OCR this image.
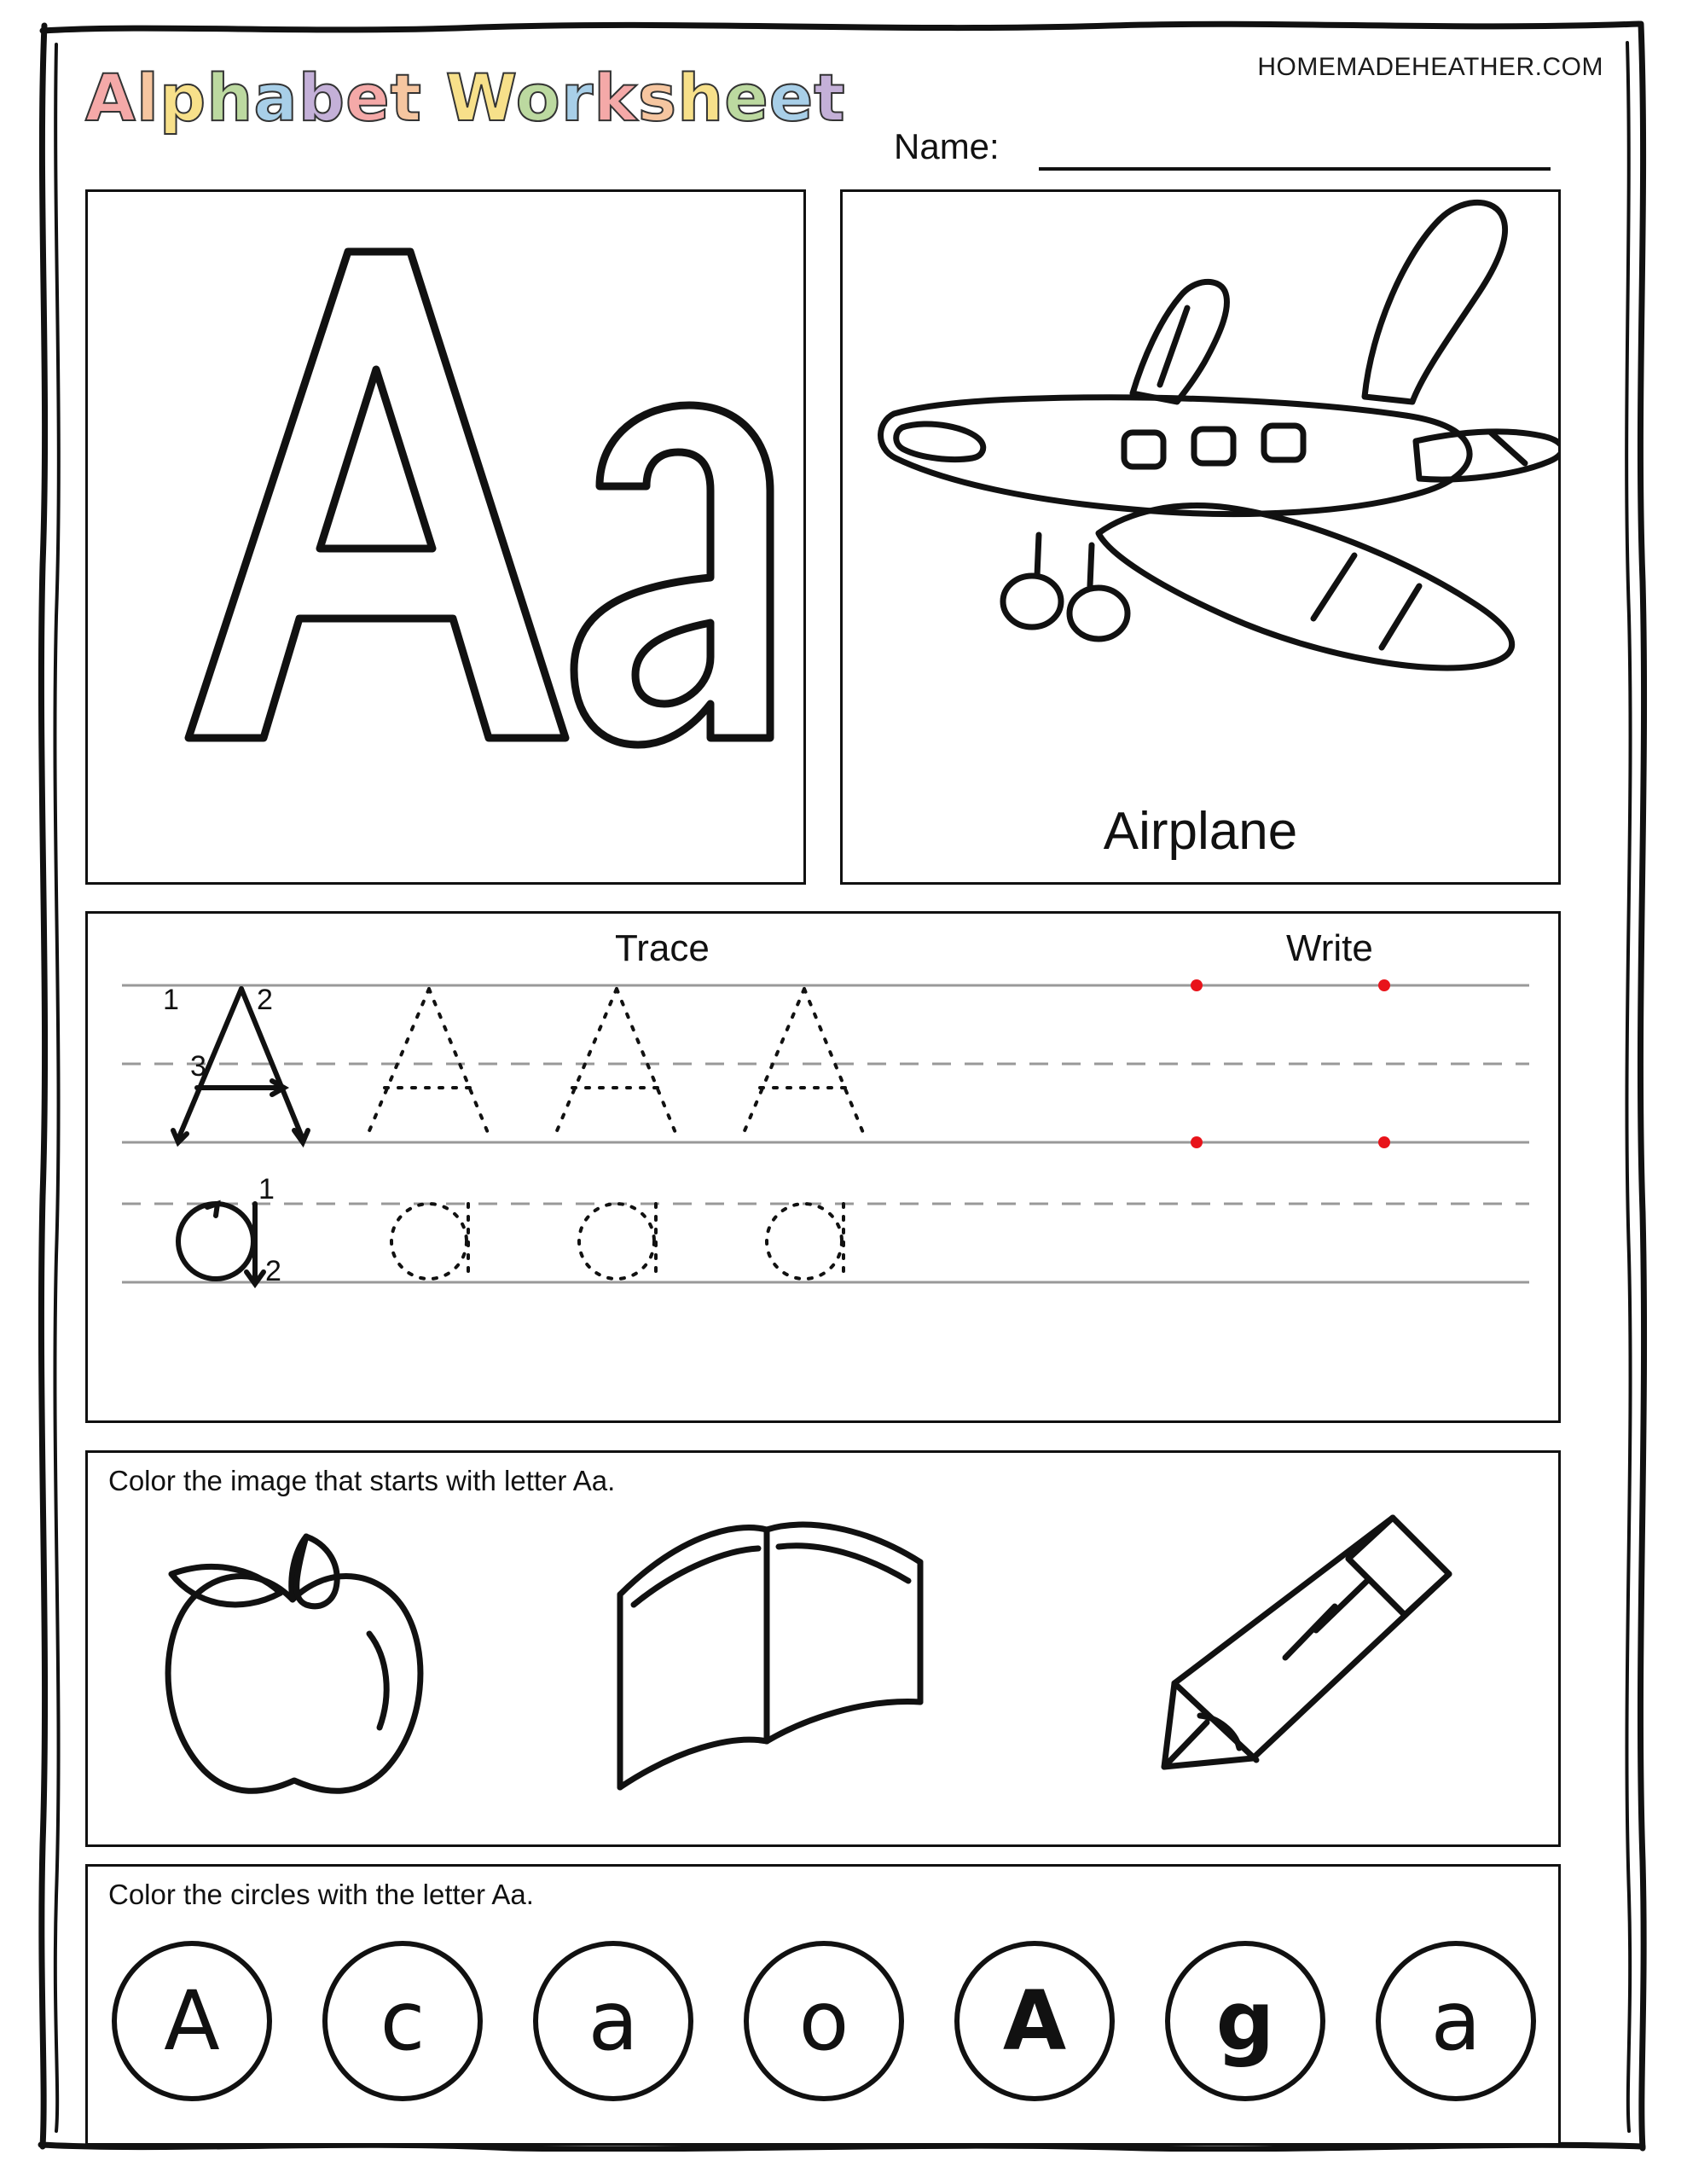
Alphabet Worksheet	HOMEMADEHEATHER.COM
Name:
Airplane
Trace	Write
1	2
3
1
2
Color the image that starts with letter Aa.
Color the circles with the letter Aa.
A c a o A g a
